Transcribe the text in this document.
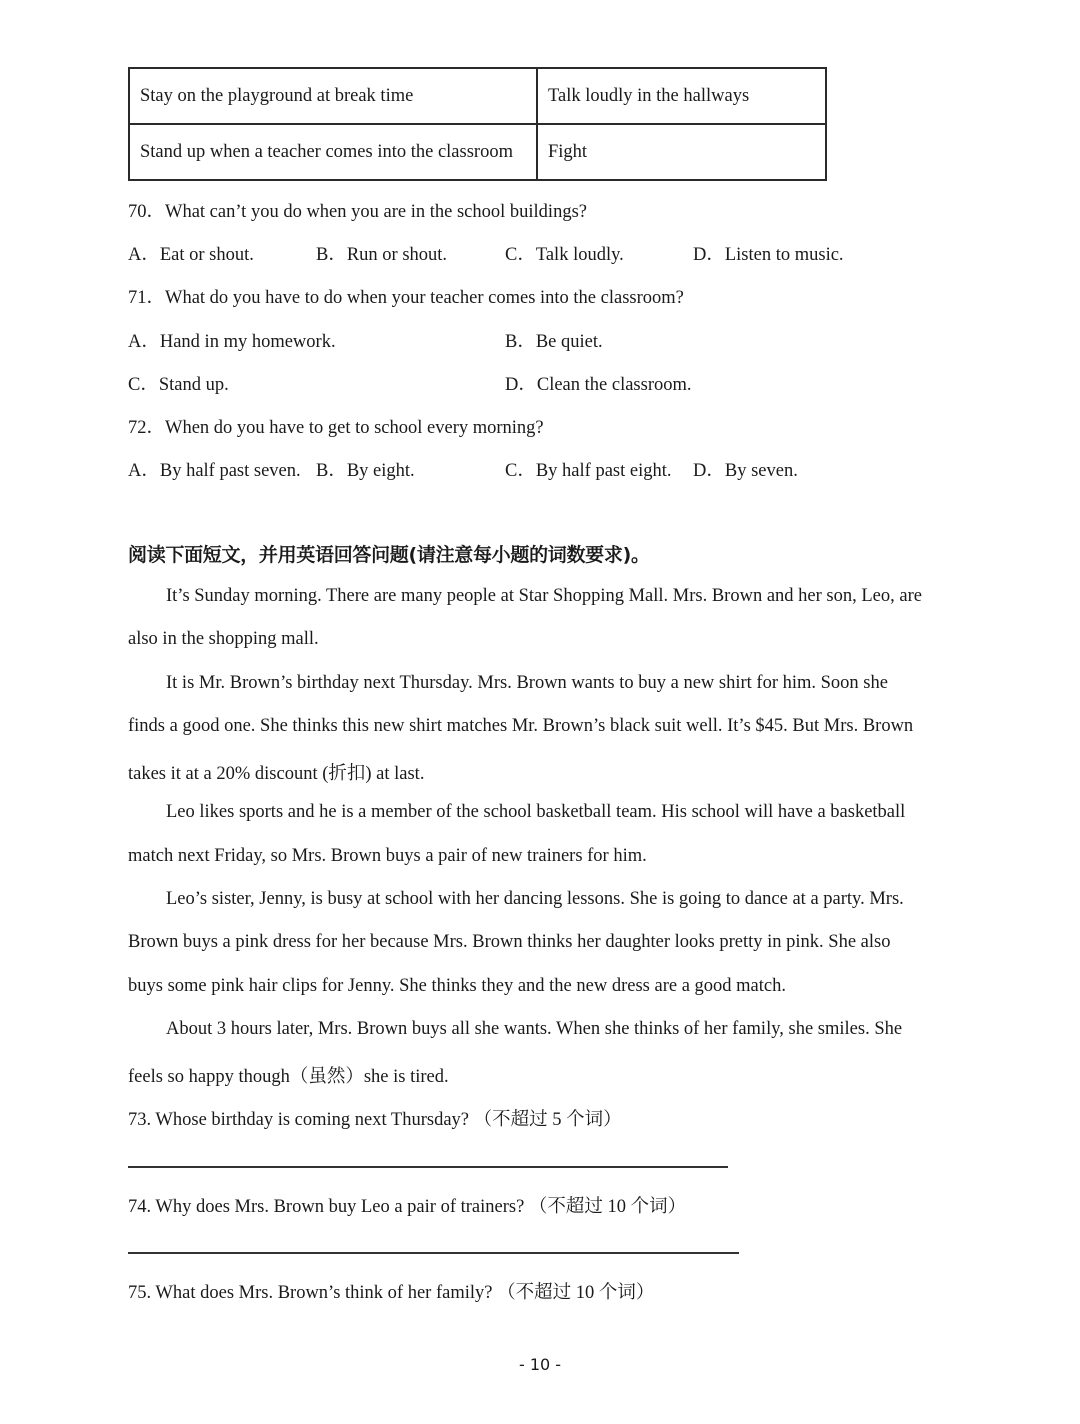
Stay on the playground at break time	Talk loudly in the hallways
Stand up when a teacher comes into the classroom	Fight
70．What can’t you do when you are in the school buildings?
A．Eat or shout.	B．Run or shout.	C．Talk loudly.	D．Listen to music.
71．What do you have to do when your teacher comes into the classroom?
A．Hand in my homework.	B．Be quiet.
C．Stand up.	D．Clean the classroom.
72．When do you have to get to school every morning?
A．By half past seven. B．By eight.	C．By half past eight. D．By seven.
阅读下面短文，并用英语回答问题(请注意每小题的词数要求)。
It’s Sunday morning. There are many people at Star Shopping Mall. Mrs. Brown and her son, Leo, are
also in the shopping mall.
It is Mr. Brown’s birthday next Thursday. Mrs. Brown wants to buy a new shirt for him. Soon she
finds a good one. She thinks this new shirt matches Mr. Brown’s black suit well. It’s $45. But Mrs. Brown
takes it at a 20% discount (折扣) at last.
Leo likes sports and he is a member of the school basketball team. His school will have a basketball
match next Friday, so Mrs. Brown buys a pair of new trainers for him.
Leo’s sister, Jenny, is busy at school with her dancing lessons. She is going to dance at a party. Mrs.
Brown buys a pink dress for her because Mrs. Brown thinks her daughter looks pretty in pink. She also
buys some pink hair clips for Jenny. She thinks they and the new dress are a good match.
About 3 hours later, Mrs. Brown buys all she wants. When she thinks of her family, she smiles. She
feels so happy though（虽然）she is tired.
73. Whose birthday is coming next Thursday? （不超过 5 个词）
74. Why does Mrs. Brown buy Leo a pair of trainers? （不超过 10 个词）
75. What does Mrs. Brown’s think of her family? （不超过 10 个词）
- 10 -
